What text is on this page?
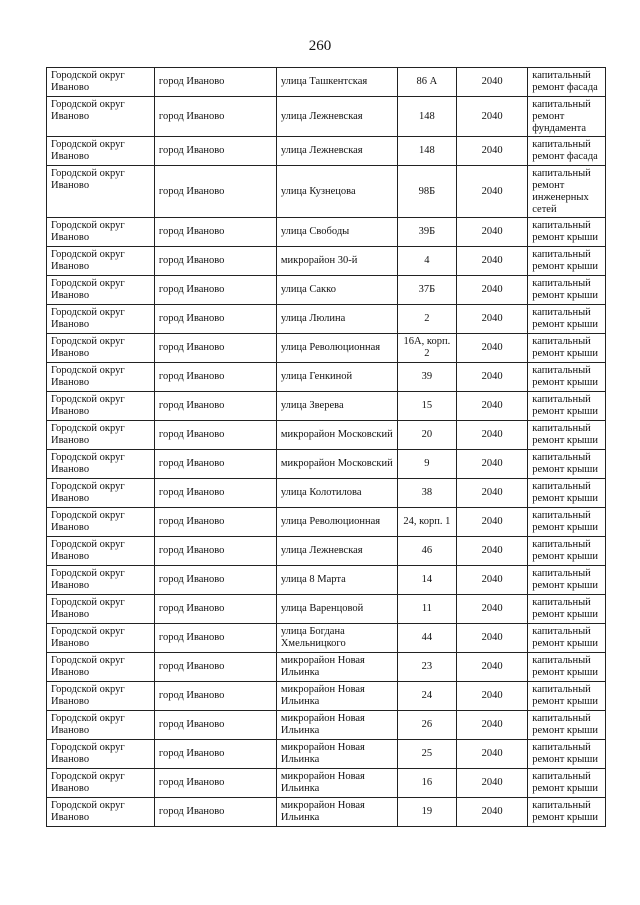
260
Городской округ Иваново	город Иваново	улица Ташкентская	86 А	2040	капитальный ремонт фасада
Городской округ Иваново	город Иваново	улица Лежневская	148	2040	капитальный ремонт фундамента
Городской округ Иваново	город Иваново	улица Лежневская	148	2040	капитальный ремонт фасада
Городской округ Иваново	город Иваново	улица Кузнецова	98Б	2040	капитальный ремонт инженерных сетей
Городской округ Иваново	город Иваново	улица Свободы	39Б	2040	капитальный ремонт крыши
Городской округ Иваново	город Иваново	микрорайон 30-й	4	2040	капитальный ремонт крыши
Городской округ Иваново	город Иваново	улица Сакко	37Б	2040	капитальный ремонт крыши
Городской округ Иваново	город Иваново	улица Люлина	2	2040	капитальный ремонт крыши
Городской округ Иваново	город Иваново	улица Революционная	16А, корп. 2	2040	капитальный ремонт крыши
Городской округ Иваново	город Иваново	улица Генкиной	39	2040	капитальный ремонт крыши
Городской округ Иваново	город Иваново	улица Зверева	15	2040	капитальный ремонт крыши
Городской округ Иваново	город Иваново	микрорайон Московский	20	2040	капитальный ремонт крыши
Городской округ Иваново	город Иваново	микрорайон Московский	9	2040	капитальный ремонт крыши
Городской округ Иваново	город Иваново	улица Колотилова	38	2040	капитальный ремонт крыши
Городской округ Иваново	город Иваново	улица Революционная	24, корп. 1	2040	капитальный ремонт крыши
Городской округ Иваново	город Иваново	улица Лежневская	46	2040	капитальный ремонт крыши
Городской округ Иваново	город Иваново	улица 8 Марта	14	2040	капитальный ремонт крыши
Городской округ Иваново	город Иваново	улица Варенцовой	11	2040	капитальный ремонт крыши
Городской округ Иваново	город Иваново	улица Богдана Хмельницкого	44	2040	капитальный ремонт крыши
Городской округ Иваново	город Иваново	микрорайон Новая Ильинка	23	2040	капитальный ремонт крыши
Городской округ Иваново	город Иваново	микрорайон Новая Ильинка	24	2040	капитальный ремонт крыши
Городской округ Иваново	город Иваново	микрорайон Новая Ильинка	26	2040	капитальный ремонт крыши
Городской округ Иваново	город Иваново	микрорайон Новая Ильинка	25	2040	капитальный ремонт крыши
Городской округ Иваново	город Иваново	микрорайон Новая Ильинка	16	2040	капитальный ремонт крыши
Городской округ Иваново	город Иваново	микрорайон Новая Ильинка	19	2040	капитальный ремонт крыши
